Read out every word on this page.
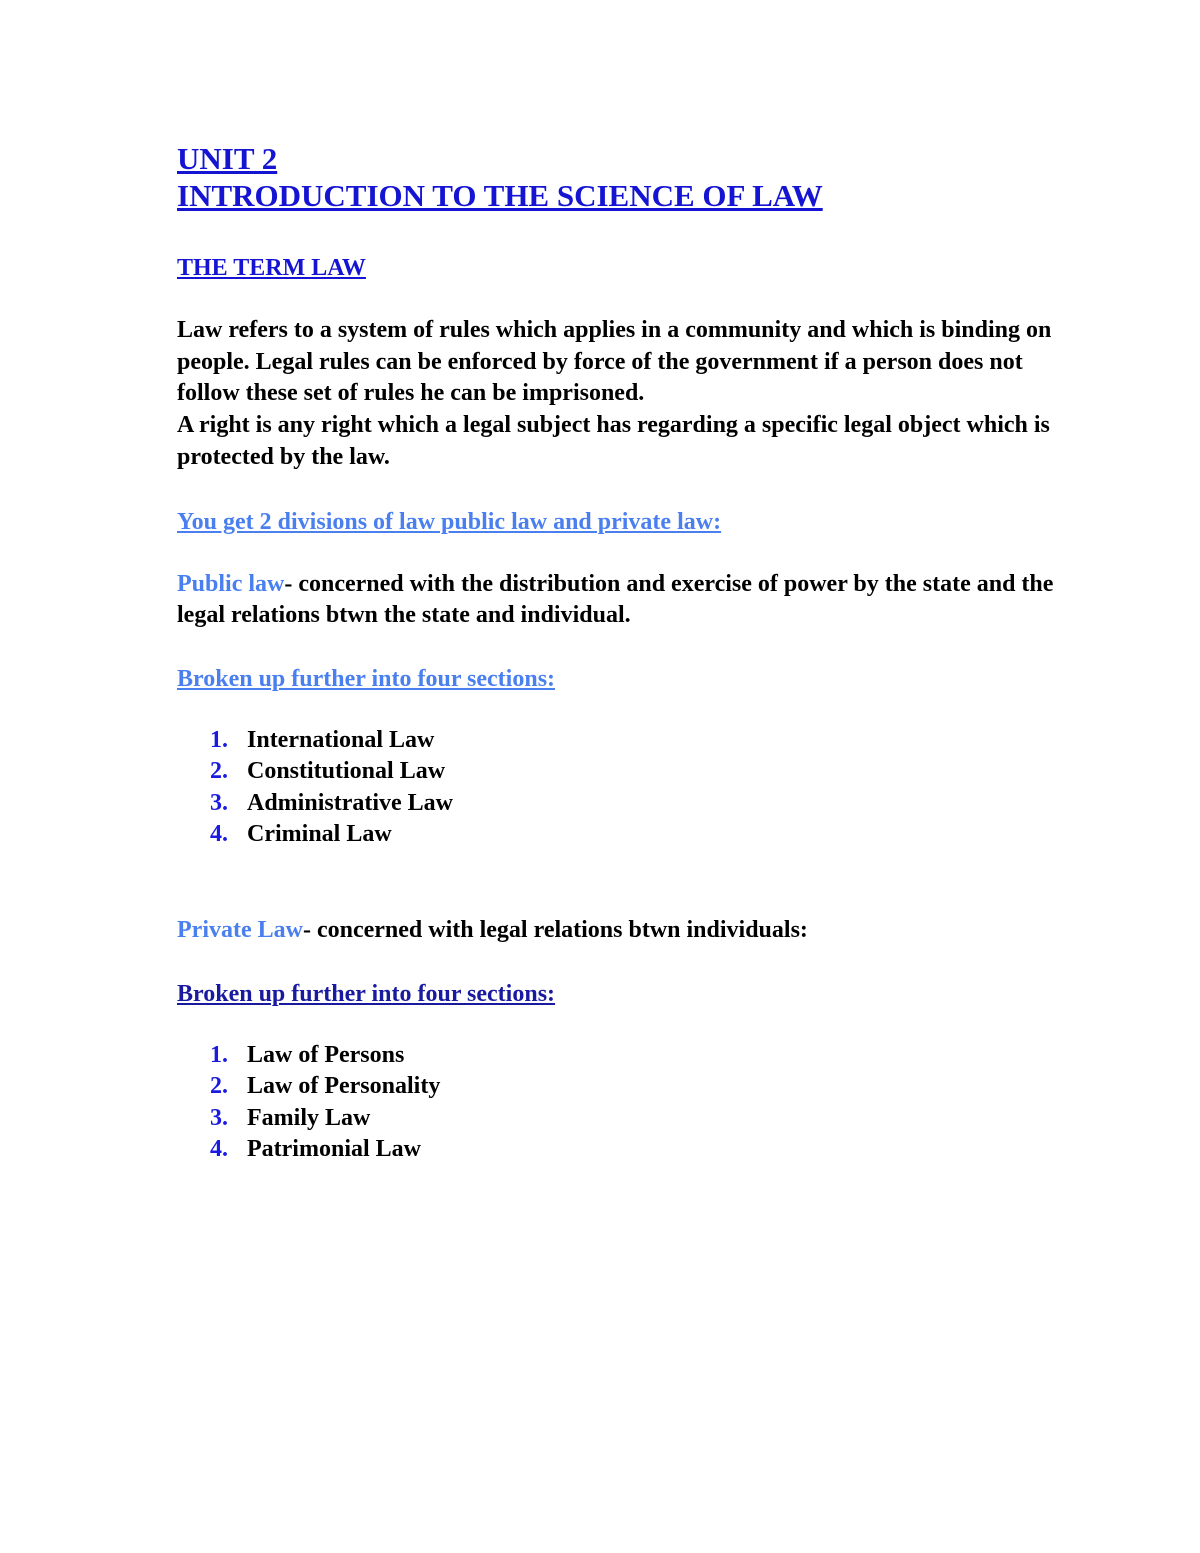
UNIT 2

INTRODUCTION TO THE SCIENCE OF LAW

THE TERM LAW

Law refers to a system of rules which applies in a community and which is binding on people. Legal rules can be enforced by force of the government if a person does not follow these set of rules he can be imprisoned.

A right is any right which a legal subject has regarding a specific legal object which is protected by the law.

You get 2 divisions of law public law and private law:

Public law- concerned with the distribution and exercise of power by the state and the legal relations btwn the state and individual.

Broken up further into four sections:

1. International Law
2. Constitutional Law
3. Administrative Law
4. Criminal Law

Private Law- concerned with legal relations btwn individuals:

Broken up further into four sections:

1. Law of Persons
2. Law of Personality
3. Family Law
4. Patrimonial Law
